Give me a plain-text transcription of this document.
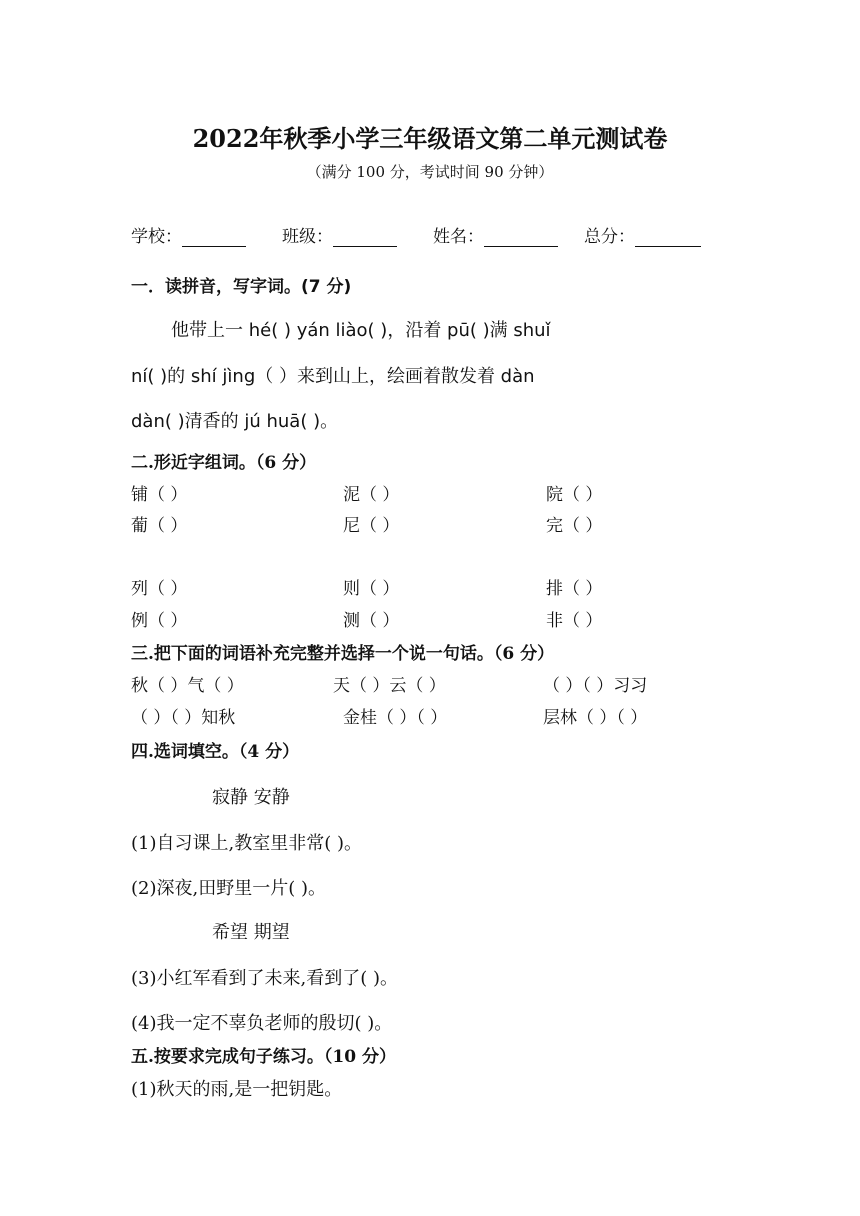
2022年秋季小学三年级语文第二单元测试卷
（满分 100 分，考试时间 90 分钟）
学校：	班级：	姓名：	总分：
一．读拼音，写字词。(7 分)
他带上一 hé( ) yán liào( )，沿着 pū( )满 shuǐ
ní( )的 shí jìng（ ）来到山上，绘画着散发着 dàn
dàn( )清香的 jú huā( )。
二.形近字组词。（6 分）
铺（ ）	泥（ ）	院（ ）
葡（ ）	尼（ ）	完（ ）
列（ ）	则（ ）	排（ ）
例（ ）	测（ ）	非（ ）
三.把下面的词语补充完整并选择一个说一句话。（6 分）
秋（ ）气（ ）	天（ ）云（ ）	（ ）（ ）习习
（ ）（ ）知秋	金桂（ ）（ ）	层林（ ）（ ）
四.选词填空。（4 分）
寂静 安静
(1)自习课上,教室里非常( )。
(2)深夜,田野里一片( )。
希望 期望
(3)小红军看到了未来,看到了( )。
(4)我一定不辜负老师的殷切( )。
五.按要求完成句子练习。（10 分）
(1)秋天的雨,是一把钥匙。
